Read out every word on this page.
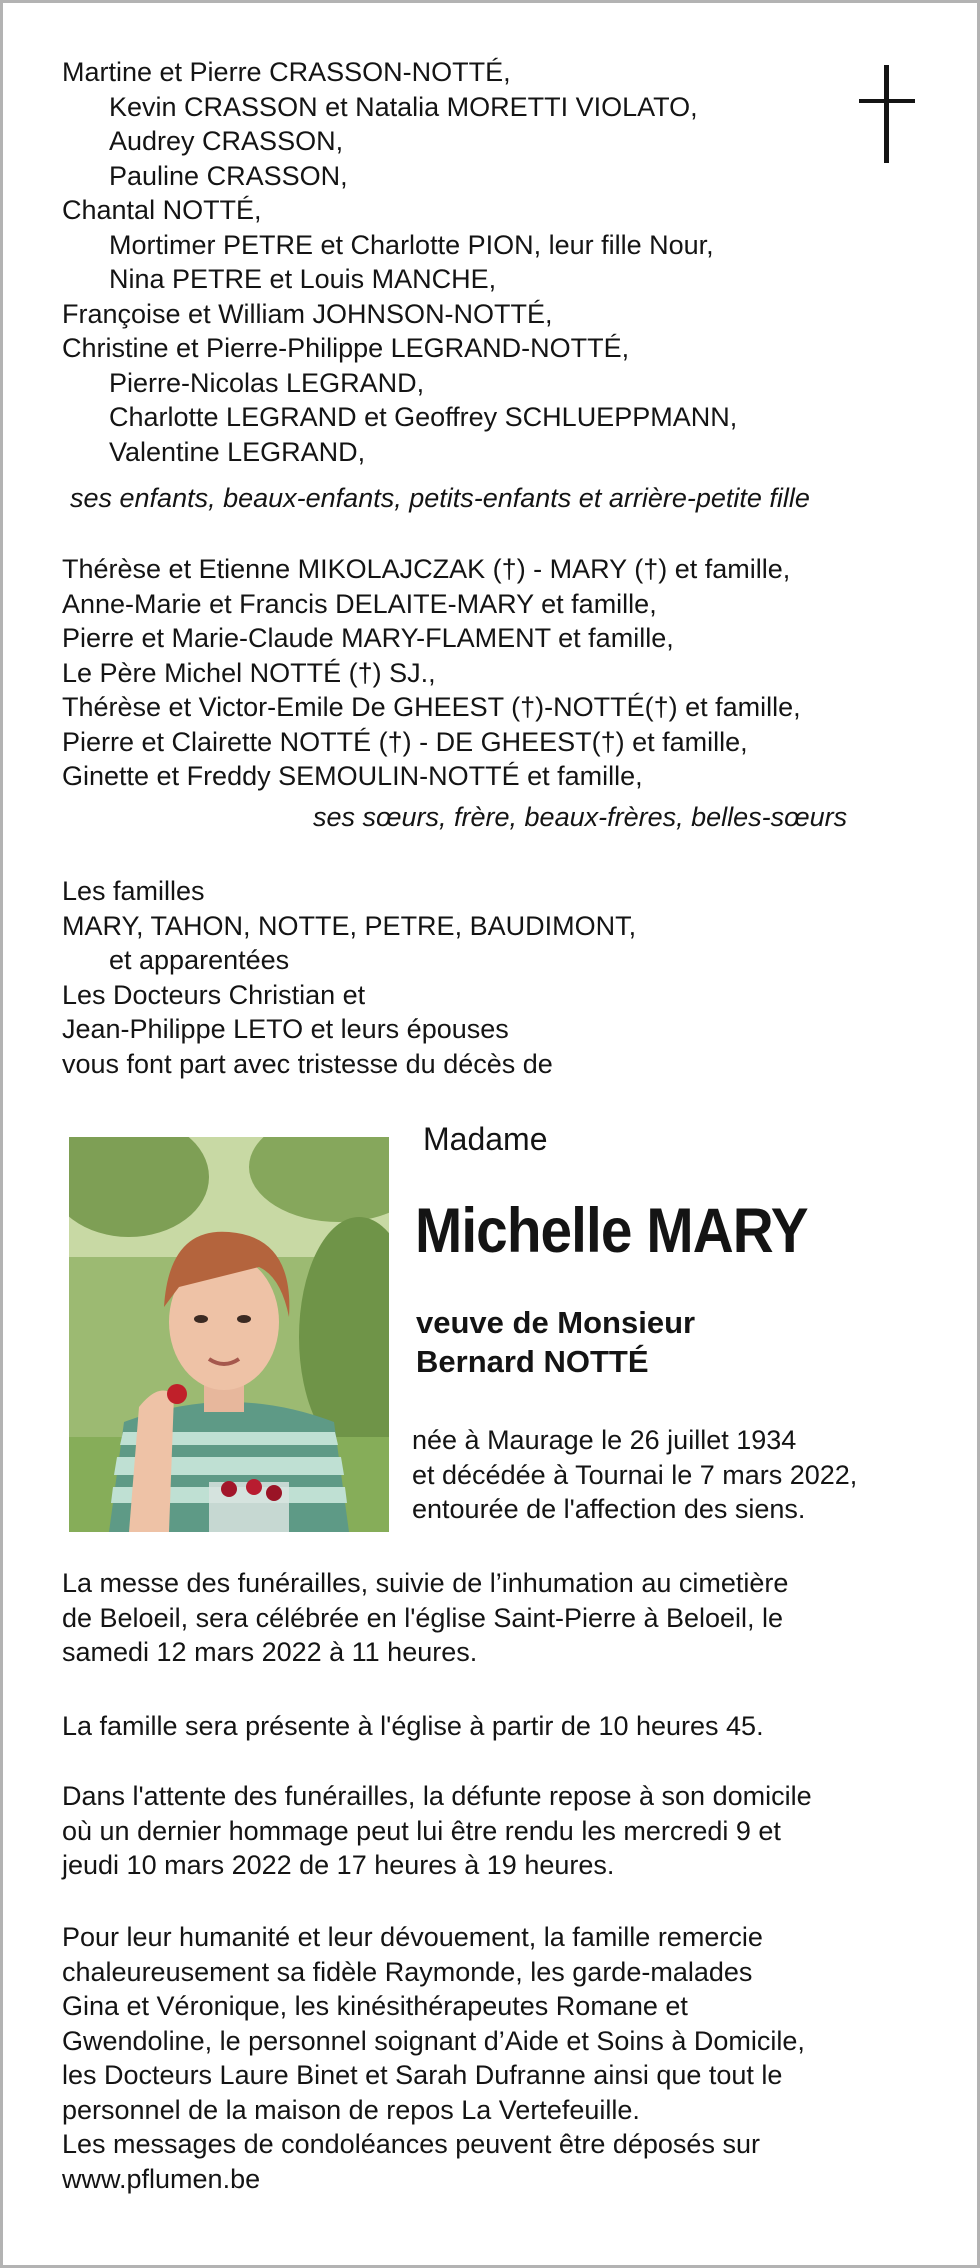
Martine et Pierre CRASSON-NOTTÉ,
Kevin CRASSON et Natalia MORETTI VIOLATO,
Audrey CRASSON,
Pauline CRASSON,
Chantal NOTTÉ,
Mortimer PETRE et Charlotte PION, leur fille Nour,
Nina PETRE et Louis MANCHE,
Françoise et William JOHNSON-NOTTÉ,
Christine et Pierre-Philippe LEGRAND-NOTTÉ,
Pierre-Nicolas LEGRAND,
Charlotte LEGRAND et Geoffrey SCHLUEPPMANN,
Valentine LEGRAND,
ses enfants, beaux-enfants, petits-enfants et arrière-petite fille
Thérèse et Etienne MIKOLAJCZAK (†) - MARY (†) et famille,
Anne-Marie et Francis DELAITE-MARY et famille,
Pierre et Marie-Claude MARY-FLAMENT et famille,
Le Père Michel NOTTÉ (†) SJ.,
Thérèse et Victor-Emile De GHEEST (†)-NOTTÉ(†) et famille,
Pierre et Clairette NOTTÉ (†) - DE GHEEST(†) et famille,
Ginette et Freddy SEMOULIN-NOTTÉ et famille,
ses sœurs, frère, beaux-frères, belles-sœurs
Les familles
MARY, TAHON, NOTTE, PETRE, BAUDIMONT,
et apparentées
Les Docteurs Christian et
Jean-Philippe LETO et leurs épouses
vous font part avec tristesse du décès de
Madame
Michelle MARY
veuve de Monsieur
Bernard NOTTÉ
née à Maurage le 26 juillet 1934
et décédée à Tournai le 7 mars 2022,
entourée de l'affection des siens.
La messe des funérailles, suivie de l’inhumation au cimetière
de Beloeil, sera célébrée en l'église Saint-Pierre à Beloeil, le
samedi 12 mars 2022 à 11 heures.
La famille sera présente à l'église à partir de 10 heures 45.
Dans l'attente des funérailles, la défunte repose à son domicile
où un dernier hommage peut lui être rendu les mercredi 9 et
jeudi 10 mars 2022 de 17 heures à 19 heures.
Pour leur humanité et leur dévouement, la famille remercie
chaleureusement sa fidèle Raymonde, les garde-malades
Gina et Véronique, les kinésithérapeutes Romane et
Gwendoline, le personnel soignant d’Aide et Soins à Domicile,
les Docteurs Laure Binet et Sarah Dufranne ainsi que tout le
personnel de la maison de repos La Vertefeuille.
Les messages de condoléances peuvent être déposés sur
www.pflumen.be
